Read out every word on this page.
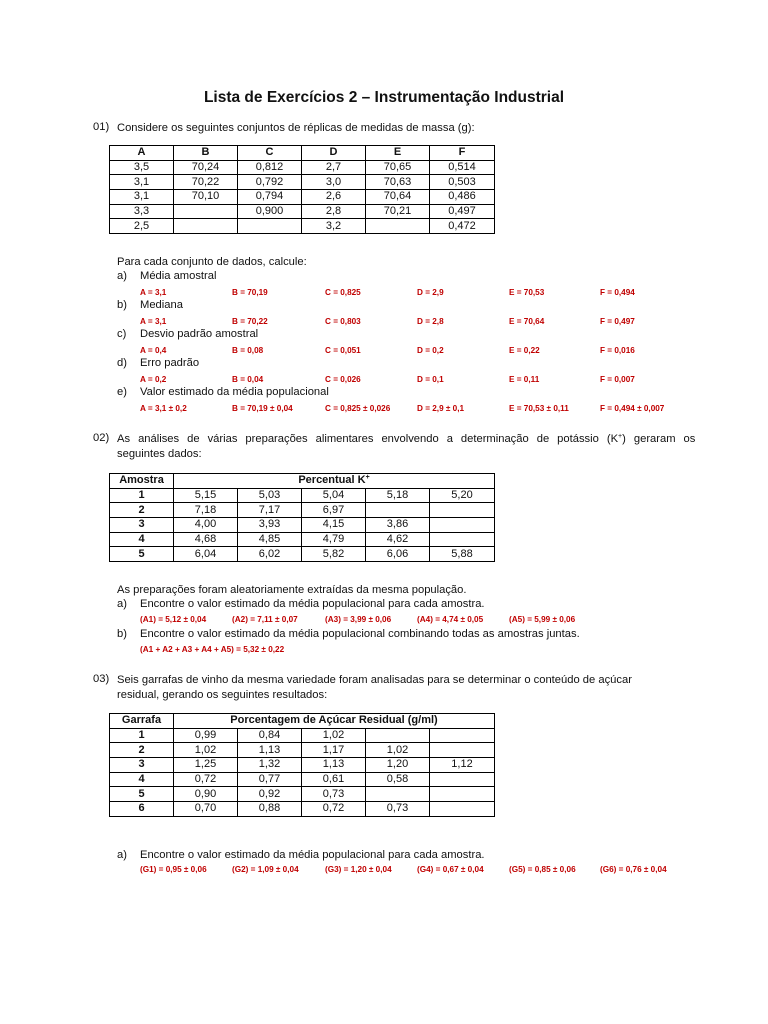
Lista de Exercícios 2 – Instrumentação Industrial
01) Considere os seguintes conjuntos de réplicas de medidas de massa (g):
A	B	C	D	E	F
3,5	70,24	0,812	2,7	70,65	0,514
3,1	70,22	0,792	3,0	70,63	0,503
3,1	70,10	0,794	2,6	70,64	0,486
3,3		0,900	2,8	70,21	0,497
2,5			3,2		0,472
Para cada conjunto de dados, calcule:
a) Média amostral
A = 3,1	B = 70,19	C = 0,825	D = 2,9	E = 70,53	F = 0,494
b) Mediana
A = 3,1	B = 70,22	C = 0,803	D = 2,8	E = 70,64	F = 0,497
c) Desvio padrão amostral
A = 0,4	B = 0,08	C = 0,051	D = 0,2	E = 0,22	F = 0,016
d) Erro padrão
A = 0,2	B = 0,04	C = 0,026	D = 0,1	E = 0,11	F = 0,007
e) Valor estimado da média populacional
A = 3,1 ± 0,2	B = 70,19 ± 0,04	C = 0,825 ± 0,026	D = 2,9 ± 0,1	E = 70,53 ± 0,11	F = 0,494 ± 0,007
02) As análises de várias preparações alimentares envolvendo a determinação de potássio (K+) geraram os
seguintes dados:
Amostra	Percentual K+
1	5,15	5,03	5,04	5,18	5,20
2	7,18	7,17	6,97		
3	4,00	3,93	4,15	3,86	
4	4,68	4,85	4,79	4,62	
5	6,04	6,02	5,82	6,06	5,88
As preparações foram aleatoriamente extraídas da mesma população.
a) Encontre o valor estimado da média populacional para cada amostra.
(A1) = 5,12 ± 0,04	(A2) = 7,11 ± 0,07	(A3) = 3,99 ± 0,06	(A4) = 4,74 ± 0,05	(A5) = 5,99 ± 0,06
b) Encontre o valor estimado da média populacional combinando todas as amostras juntas.
(A1 + A2 + A3 + A4 + A5) = 5,32 ± 0,22
03) Seis garrafas de vinho da mesma variedade foram analisadas para se determinar o conteúdo de açúcar
residual, gerando os seguintes resultados:
Garrafa	Porcentagem de Açúcar Residual (g/ml)				
1	0,99	0,84	1,02		
2	1,02	1,13	1,17	1,02	
3	1,25	1,32	1,13	1,20	1,12
4	0,72	0,77	0,61	0,58	
5	0,90	0,92	0,73		
6	0,70	0,88	0,72	0,73	
a) Encontre o valor estimado da média populacional para cada amostra.
(G1) = 0,95 ± 0,06	(G2) = 1,09 ± 0,04	(G3) = 1,20 ± 0,04	(G4) = 0,67 ± 0,04	(G5) = 0,85 ± 0,06	(G6) = 0,76 ± 0,04
